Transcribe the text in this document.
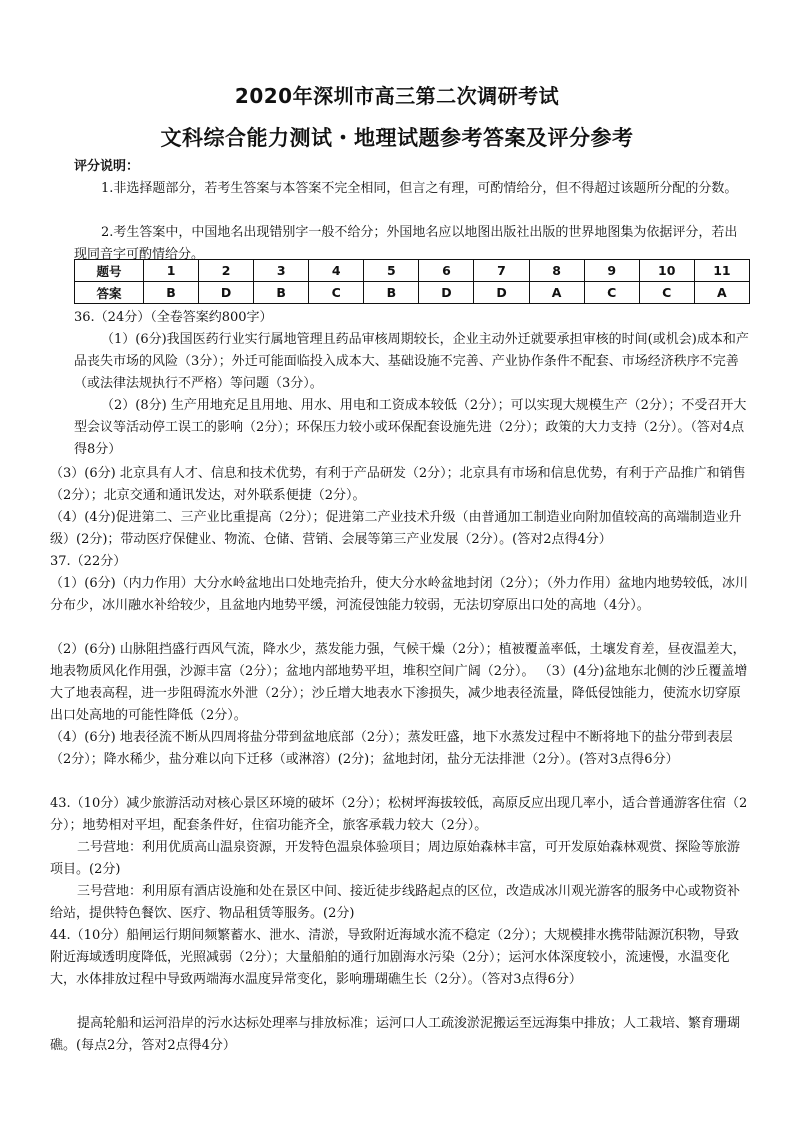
2020年深圳市高三第二次调研考试
文科综合能力测试・地理试题参考答案及评分参考
评分说明：

1.非选择题部分，若考生答案与本答案不完全相同，但言之有理，可酌情给分，但不得超过该题所分配的分数。

2.考生答案中，中国地名出现错别字一般不给分；外国地名应以地图出版社出版的世界地图集为依据评分，若出现同音字可酌情给分。

题号	1	2	3	4	5	6	7	8	9	10	11
答案	B	D	B	C	B	D	D	A	C	C	A

36.（24分）（全卷答案约800字）

（1）(6分)我国医药行业实行属地管理且药品审核周期较长，企业主动外迁就要承担审核的时间(或机会)成本和产品丧失市场的风险（3分）；外迁可能面临投入成本大、基础设施不完善、产业协作条件不配套、市场经济秩序不完善（或法律法规执行不严格）等问题（3分）。

（2）(8分) 生产用地充足且用地、用水、用电和工资成本较低（2分）；可以实现大规模生产（2分）；不受召开大型会议等活动停工误工的影响（2分）；环保压力较小或环保配套设施先进（2分）；政策的大力支持（2分）。（答对4点得8分）

（3）(6分) 北京具有人才、信息和技术优势，有利于产品研发（2分）；北京具有市场和信息优势，有利于产品推广和销售（2分）；北京交通和通讯发达，对外联系便捷（2分）。

（4）(4分)促进第二、三产业比重提高（2分）；促进第二产业技术升级（由普通加工制造业向附加值较高的高端制造业升级）(2分)；带动医疗保健业、物流、仓储、营销、会展等第三产业发展（2分）。(答对2点得4分）

37.（22分）

（1）(6分)（内力作用）大分水岭盆地出口处地壳抬升，使大分水岭盆地封闭（2分）；（外力作用）盆地内地势较低，冰川分布少，冰川融水补给较少，且盆地内地势平缓，河流侵蚀能力较弱，无法切穿原出口处的高地（4分）。

（2）(6分) 山脉阻挡盛行西风气流，降水少，蒸发能力强，气候干燥（2分）；植被覆盖率低，土壤发育差，昼夜温差大，地表物质风化作用强，沙源丰富（2分）；盆地内部地势平坦，堆积空间广阔（2分）。 （3）(4分)盆地东北侧的沙丘覆盖增大了地表高程，进一步阻碍流水外泄（2分）；沙丘增大地表水下渗损失，减少地表径流量，降低侵蚀能力，使流水切穿原出口处高地的可能性降低（2分）。

（4）(6分) 地表径流不断从四周将盐分带到盆地底部（2分）；蒸发旺盛，地下水蒸发过程中不断将地下的盐分带到表层（2分）；降水稀少，盐分难以向下迁移（或淋溶）(2分)；盆地封闭，盐分无法排泄（2分）。(答对3点得6分）

43.（10分）减少旅游活动对核心景区环境的破坏（2分）；松树坪海拔较低，高原反应出现几率小，适合普通游客住宿（2分）；地势相对平坦，配套条件好，住宿功能齐全，旅客承载力较大（2分）。

二号营地：利用优质高山温泉资源，开发特色温泉体验项目；周边原始森林丰富，可开发原始森林观赏、探险等旅游项目。(2分)

三号营地：利用原有酒店设施和处在景区中间、接近徒步线路起点的区位，改造成冰川观光游客的服务中心或物资补给站，提供特色餐饮、医疗、物品租赁等服务。(2分)

44.（10分）船闸运行期间频繁蓄水、泄水、清淤，导致附近海域水流不稳定（2分）；大规模排水携带陆源沉积物，导致附近海域透明度降低，光照减弱（2分）；大量船舶的通行加剧海水污染（2分）；运河水体深度较小，流速慢，水温变化大，水体排放过程中导致两端海水温度异常变化，影响珊瑚礁生长（2分）。（答对3点得6分）

提高轮船和运河沿岸的污水达标处理率与排放标准；运河口人工疏浚淤泥搬运至远海集中排放；人工栽培、繁育珊瑚礁。(每点2分，答对2点得4分）
